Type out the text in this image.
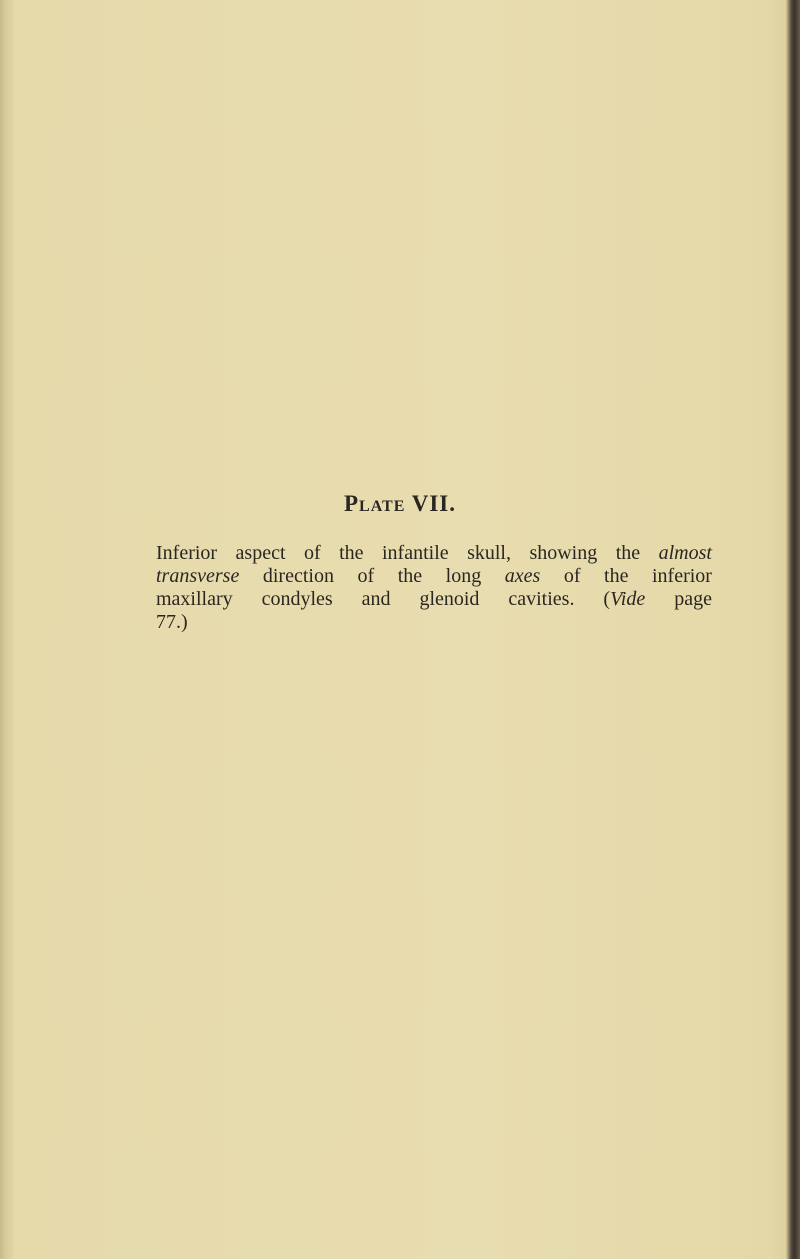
Plate VII.

Inferior aspect of the infantile skull, showing the almost
transverse direction of the long axes of the inferior
maxillary condyles and glenoid cavities. (Vide page
77.)
